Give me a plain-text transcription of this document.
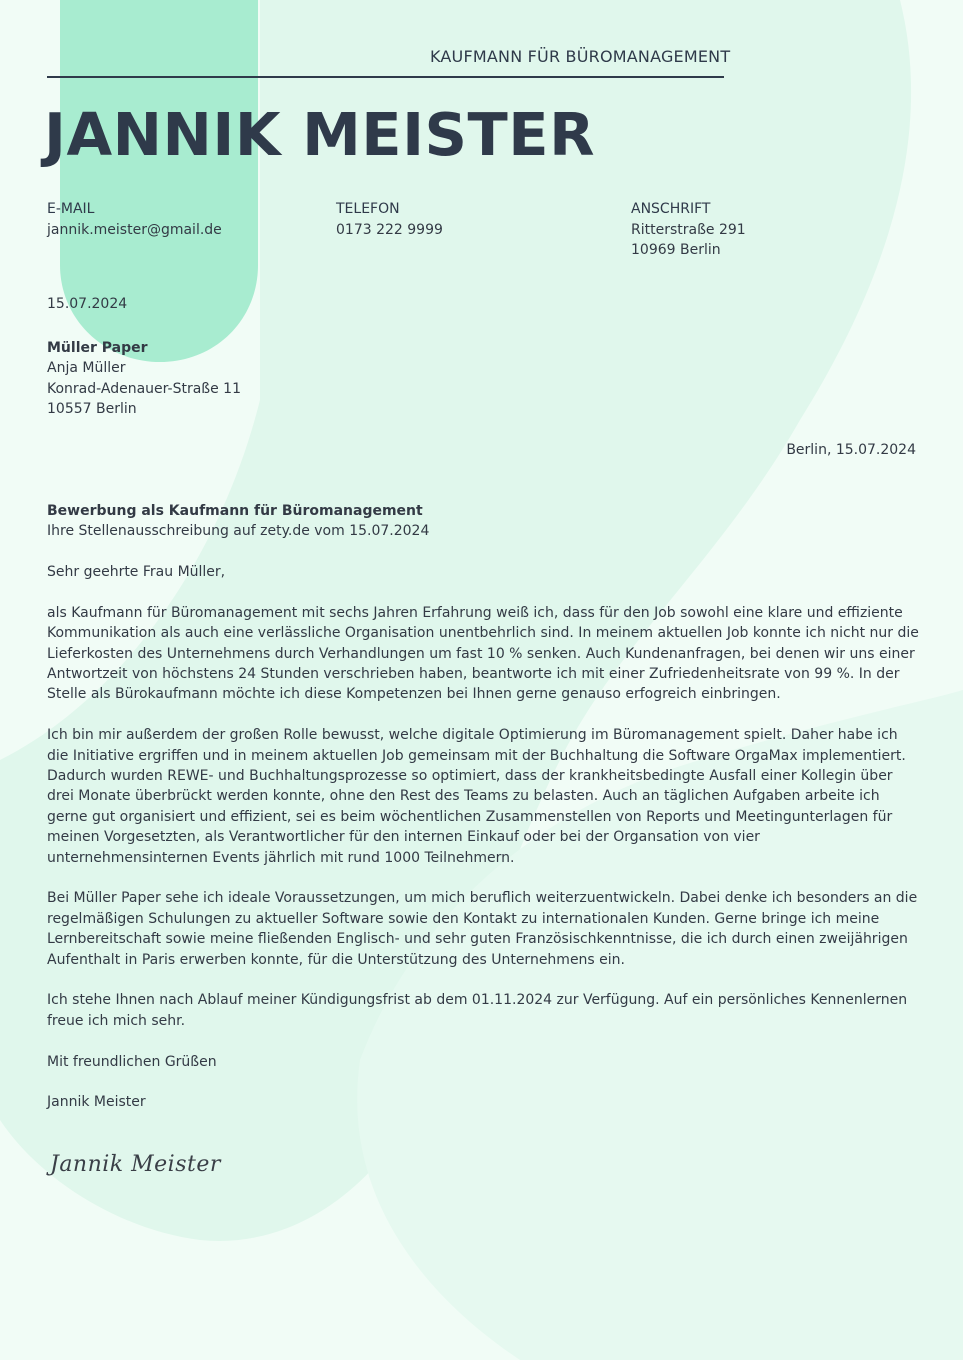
KAUFMANN FÜR BÜROMANAGEMENT
JANNIK MEISTER
E-MAIL
jannik.meister@gmail.de
TELEFON
0173 222 9999
ANSCHRIFT
Ritterstraße 291
10969 Berlin
15.07.2024
Müller Paper
Anja Müller
Konrad-Adenauer-Straße 11
10557 Berlin
Berlin, 15.07.2024
Bewerbung als Kaufmann für Büromanagement
Ihre Stellenausschreibung auf zety.de vom 15.07.2024

Sehr geehrte Frau Müller,

als Kaufmann für Büromanagement mit sechs Jahren Erfahrung weiß ich, dass für den Job sowohl eine klare und effiziente Kommunikation als auch eine verlässliche Organisation unentbehrlich sind. In meinem aktuellen Job konnte ich nicht nur die Lieferkosten des Unternehmens durch Verhandlungen um fast 10 % senken. Auch Kundenanfragen, bei denen wir uns einer Antwortzeit von höchstens 24 Stunden verschrieben haben, beantworte ich mit einer Zufriedenheitsrate von 99 %. In der Stelle als Bürokaufmann möchte ich diese Kompetenzen bei Ihnen gerne genauso erfogreich einbringen.

Ich bin mir außerdem der großen Rolle bewusst, welche digitale Optimierung im Büromanagement spielt. Daher habe ich die Initiative ergriffen und in meinem aktuellen Job gemeinsam mit der Buchhaltung die Software OrgaMax implementiert. Dadurch wurden REWE- und Buchhaltungsprozesse so optimiert, dass der krankheitsbedingte Ausfall einer Kollegin über drei Monate überbrückt werden konnte, ohne den Rest des Teams zu belasten. Auch an täglichen Aufgaben arbeite ich gerne gut organisiert und effizient, sei es beim wöchentlichen Zusammenstellen von Reports und Meetingunterlagen für meinen Vorgesetzten, als Verantwortlicher für den internen Einkauf oder bei der Organsation von vier unternehmensinternen Events jährlich mit rund 1000 Teilnehmern.

Bei Müller Paper sehe ich ideale Voraussetzungen, um mich beruflich weiterzuentwickeln. Dabei denke ich besonders an die regelmäßigen Schulungen zu aktueller Software sowie den Kontakt zu internationalen Kunden. Gerne bringe ich meine Lernbereitschaft sowie meine fließenden Englisch- und sehr guten Französischkenntnisse, die ich durch einen zweijährigen Aufenthalt in Paris erwerben konnte, für die Unterstützung des Unternehmens ein.

Ich stehe Ihnen nach Ablauf meiner Kündigungsfrist ab dem 01.11.2024 zur Verfügung. Auf ein persönliches Kennenlernen freue ich mich sehr.

Mit freundlichen Grüßen

Jannik Meister

Jannik Meister
